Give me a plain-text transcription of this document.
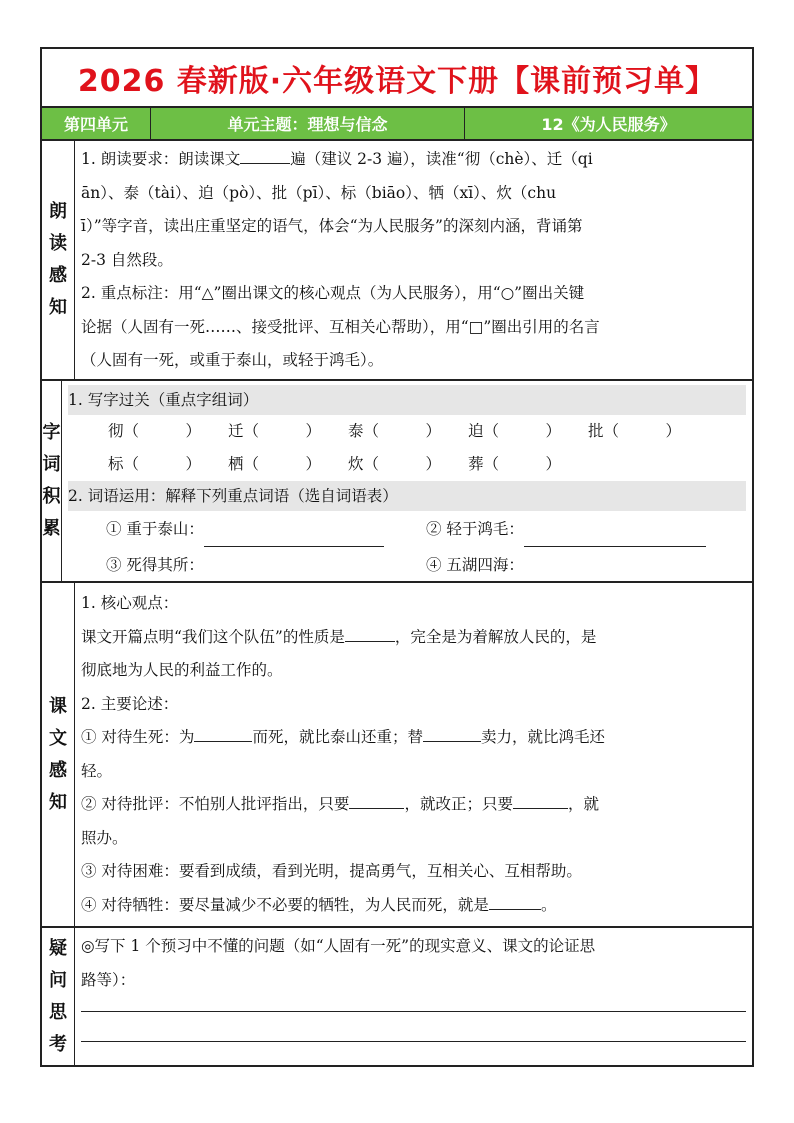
2026 春新版·六年级语文下册【课前预习单】
第四单元	单元主题：理想与信念	12《为人民服务》
朗
读
感
知
1. 朗读要求：朗读课文	遍（建议 2-3 遍），读准“彻（chè）、迁（qi
ān）、泰（tài）、迫（pò）、批（pī）、标（biāo）、牺（xī）、炊（chu
ī）”等字音，读出庄重坚定的语气，体会“为人民服务”的深刻内涵，背诵第
2-3 自然段。
2. 重点标注：用“△”圈出课文的核心观点（为人民服务），用“○”圈出关键
论据（人固有一死……、接受批评、互相关心帮助），用“□”圈出引用的名言
（人固有一死，或重于泰山，或轻于鸿毛）。
字
词
积
累
1. 写字过关（重点字组词）
彻（　　　）	迁（　　　）	泰（　　　）	迫（　　　）	批（　　　）
标（　　　）	栖（　　　）	炊（　　　）	葬（　　　）
2. 词语运用：解释下列重点词语（选自词语表）
① 重于泰山：	② 轻于鸿毛：
③ 死得其所：	④ 五湖四海：
课
文
感
知
1. 核心观点：
课文开篇点明“我们这个队伍”的性质是	，完全是为着解放人民的，是
彻底地为人民的利益工作的。
2. 主要论述：
① 对待生死：为	而死，就比泰山还重；替	卖力，就比鸿毛还
轻。
② 对待批评：不怕别人批评指出，只要	，就改正；只要	，就
照办。
③ 对待困难：要看到成绩，看到光明，提高勇气，互相关心、互相帮助。
④ 对待牺牲：要尽量减少不必要的牺牲，为人民而死，就是	。
疑
问
思
考
◎写下 1 个预习中不懂的问题（如“人固有一死”的现实意义、课文的论证思
路等）：
